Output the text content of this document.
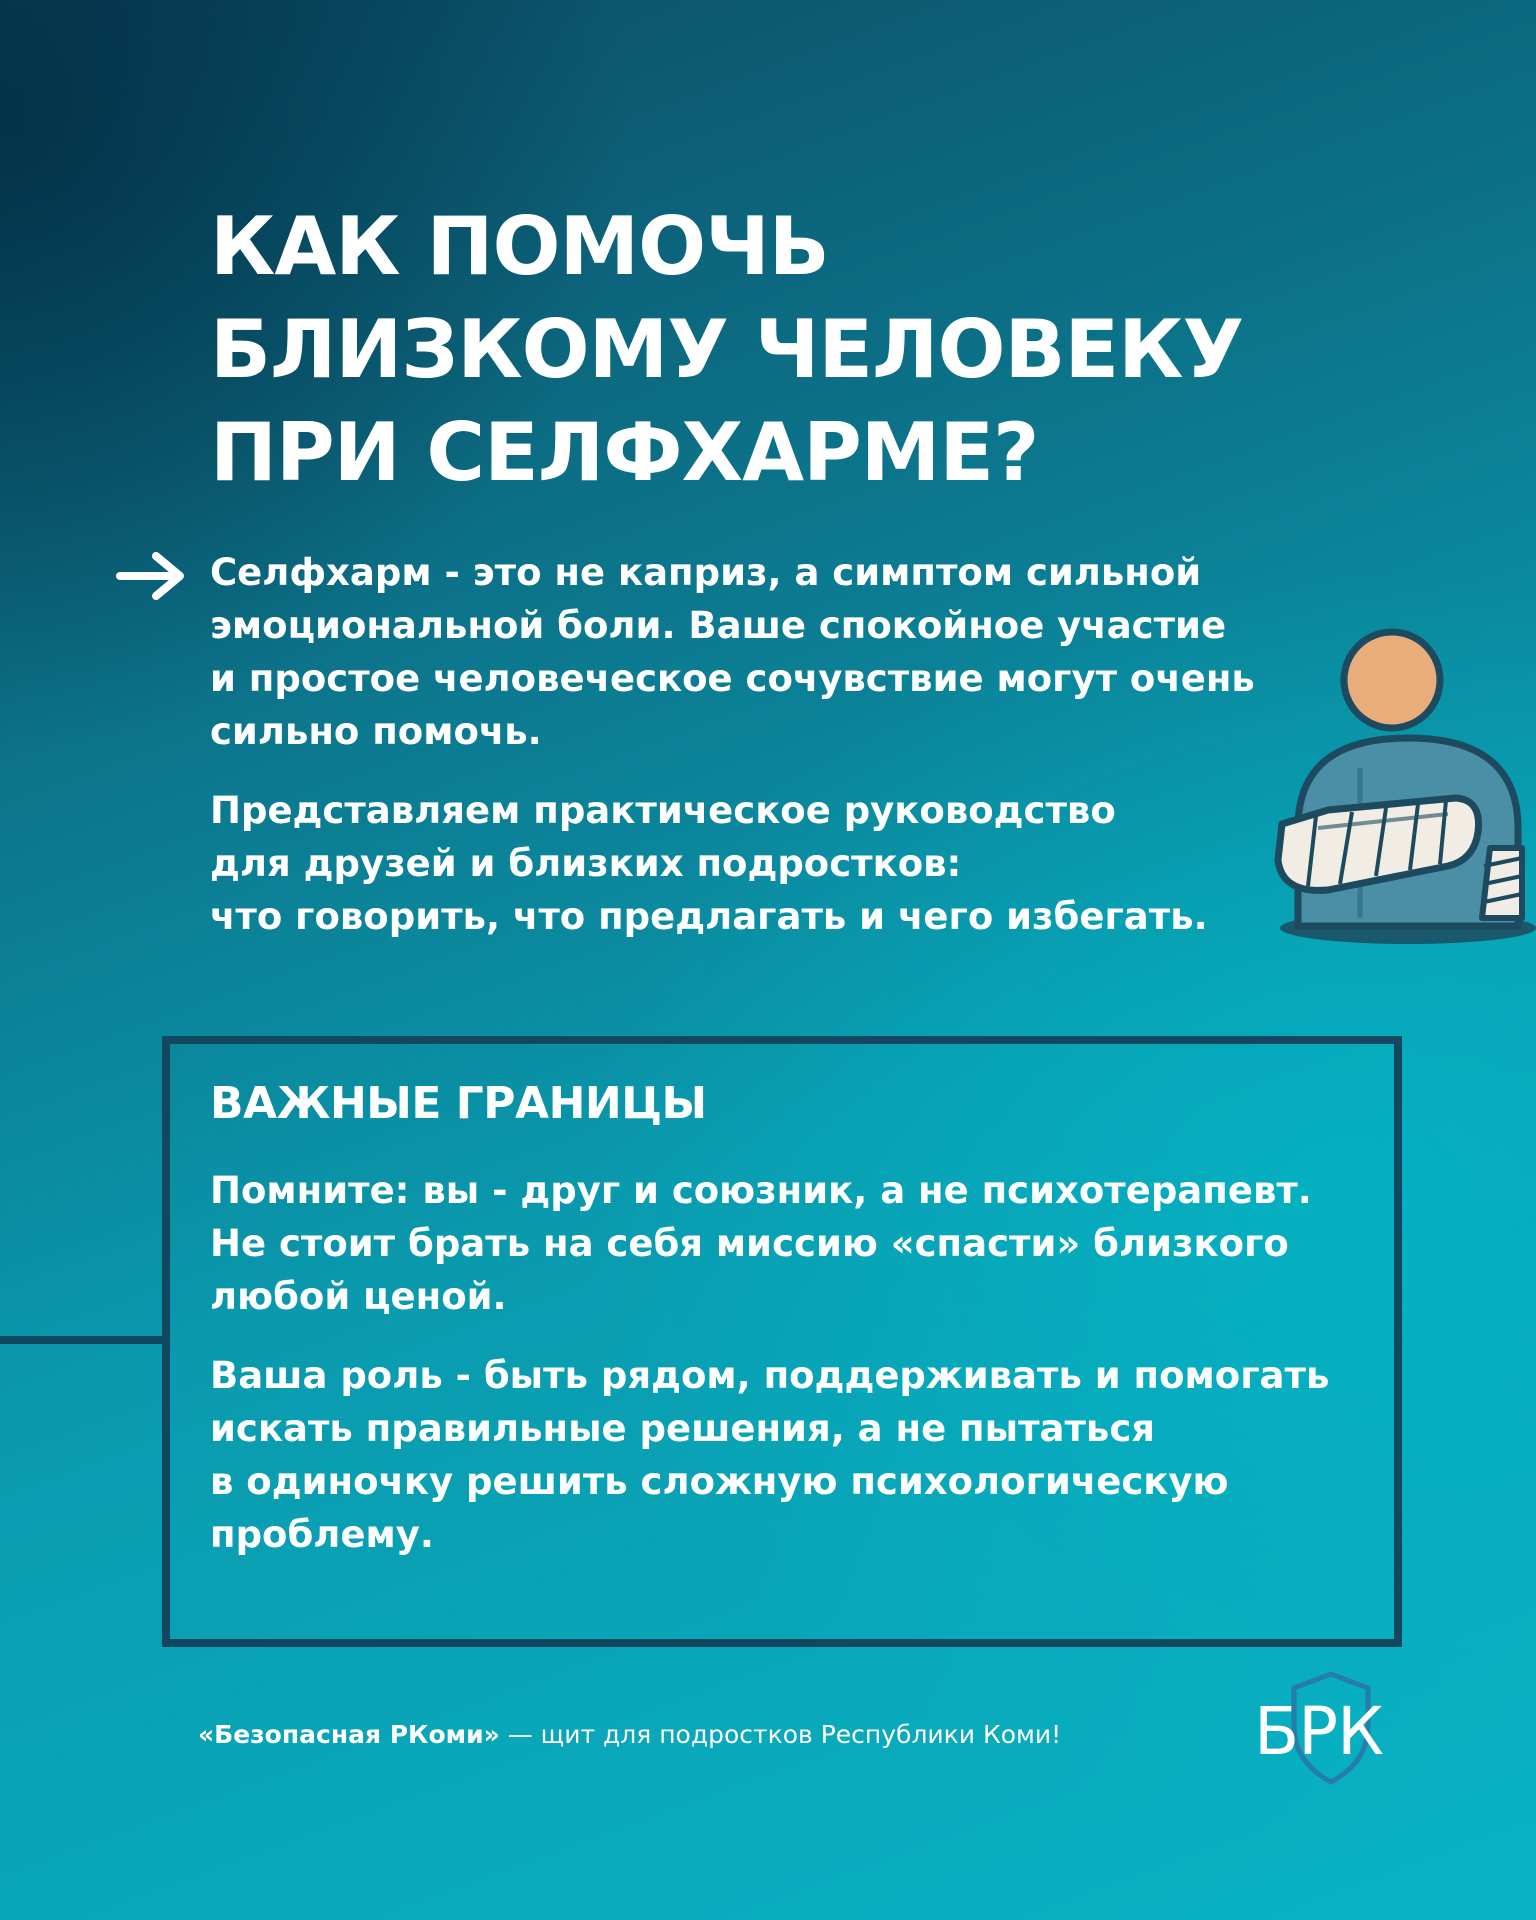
КАК ПОМОЧЬ
БЛИЗКОМУ ЧЕЛОВЕКУ
ПРИ СЕЛФХАРМЕ?

Селфхарм - это не каприз, а симптом сильной
эмоциональной боли. Ваше спокойное участие
и простое человеческое сочувствие могут очень
сильно помочь.

Представляем практическое руководство
для друзей и близких подростков:
что говорить, что предлагать и чего избегать.

ВАЖНЫЕ ГРАНИЦЫ

Помните: вы - друг и союзник, а не психотерапевт.
Не стоит брать на себя миссию «спасти» близкого
любой ценой.

Ваша роль - быть рядом, поддерживать и помогать
искать правильные решения, а не пытаться
в одиночку решить сложную психологическую
проблему.

«Безопасная РКоми» — щит для подростков Республики Коми!	БРК
